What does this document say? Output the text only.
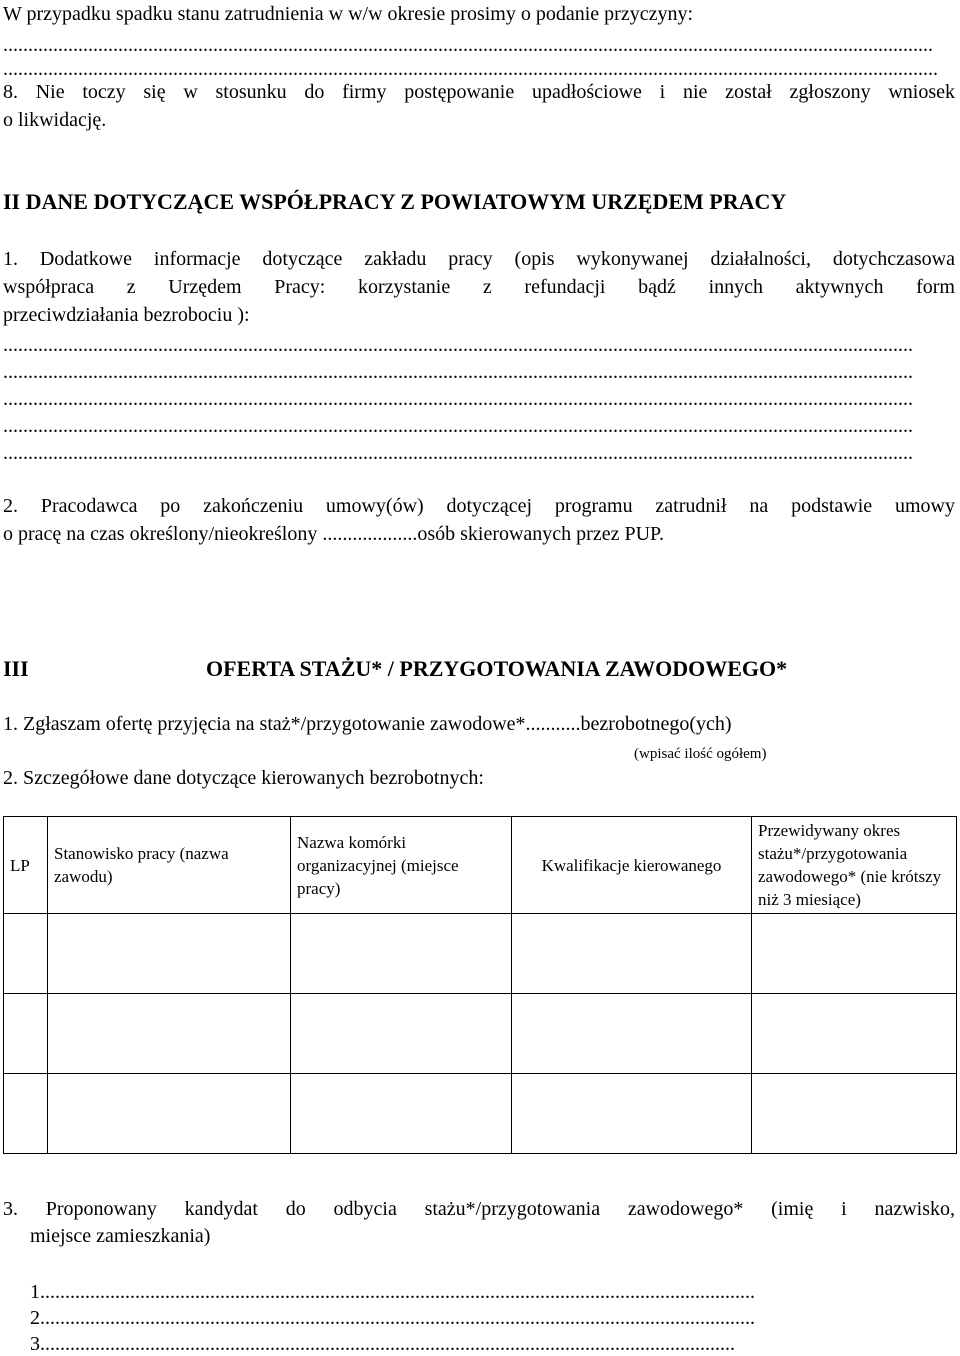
W przypadku spadku stanu zatrudnienia w w/w okresie prosimy o podanie przyczyny:
..........................................................................................................................................................................................
...........................................................................................................................................................................................
8. Nie toczy się w stosunku do firmy postępowanie upadłościowe i nie został zgłoszony wniosek
o likwidację.
II DANE DOTYCZĄCE WSPÓŁPRACY Z POWIATOWYM URZĘDEM PRACY
1. Dodatkowe informacje dotyczące zakładu pracy (opis wykonywanej działalności, dotychczasowa
współpraca z Urzędem Pracy: korzystanie z refundacji bądź innych aktywnych form
przeciwdziałania bezrobociu ):
......................................................................................................................................................................................
......................................................................................................................................................................................
......................................................................................................................................................................................
......................................................................................................................................................................................
......................................................................................................................................................................................
2. Pracodawca po zakończeniu umowy(ów) dotyczącej programu zatrudnił na podstawie umowy
o pracę na czas określony/nieokreślony ...................osób skierowanych przez PUP.
III	OFERTA STAŻU* / PRZYGOTOWANIA ZAWODOWEGO*
1. Zgłaszam ofertę przyjęcia na staż*/przygotowanie zawodowe*...........bezrobotnego(ych)
(wpisać ilość ogółem)
2. Szczegółowe dane dotyczące kierowanych bezrobotnych:
LP	Stanowisko pracy (nazwa zawodu)	Nazwa komórki organizacyjnej (miejsce pracy)	Kwalifikacje kierowanego	Przewidywany okres stażu*/przygotowania zawodowego* (nie krótszy niż 3 miesiące)

3. Proponowany kandydat do odbycia stażu*/przygotowania zawodowego* (imię i nazwisko,
miejsce zamieszkania)
1...............................................................................................................................................
2...............................................................................................................................................
3...........................................................................................................................................
